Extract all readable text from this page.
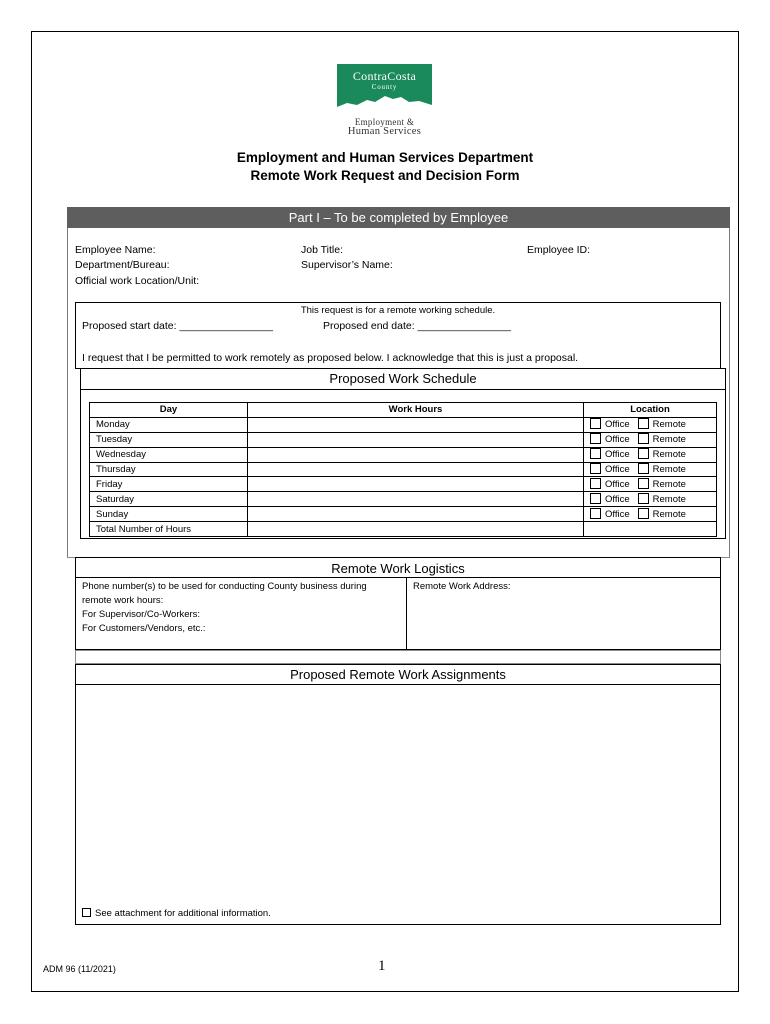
ContraCosta
County
Employment &
Human Services
Employment and Human Services Department
Remote Work Request and Decision Form
Part I – To be completed by Employee
Employee Name:
Department/Bureau:
Official work Location/Unit:
Job Title:
Supervisor’s Name:
Employee ID:
This request is for a remote working schedule.
Proposed start date: ________________	Proposed end date: ________________
I request that I be permitted to work remotely as proposed below. I acknowledge that this is just a proposal.
Proposed Work Schedule
Day	Work Hours	Location
Monday		Office Remote
Tuesday		Office Remote
Wednesday		Office Remote
Thursday		Office Remote
Friday		Office Remote
Saturday		Office Remote
Sunday		Office Remote
Total Number of Hours		
Remote Work Logistics
Phone number(s) to be used for conducting County business during
remote work hours:
For Supervisor/Co-Workers:
For Customers/Vendors, etc.:
Remote Work Address:
Proposed Remote Work Assignments
See attachment for additional information.
ADM 96 (11/2021)	1
